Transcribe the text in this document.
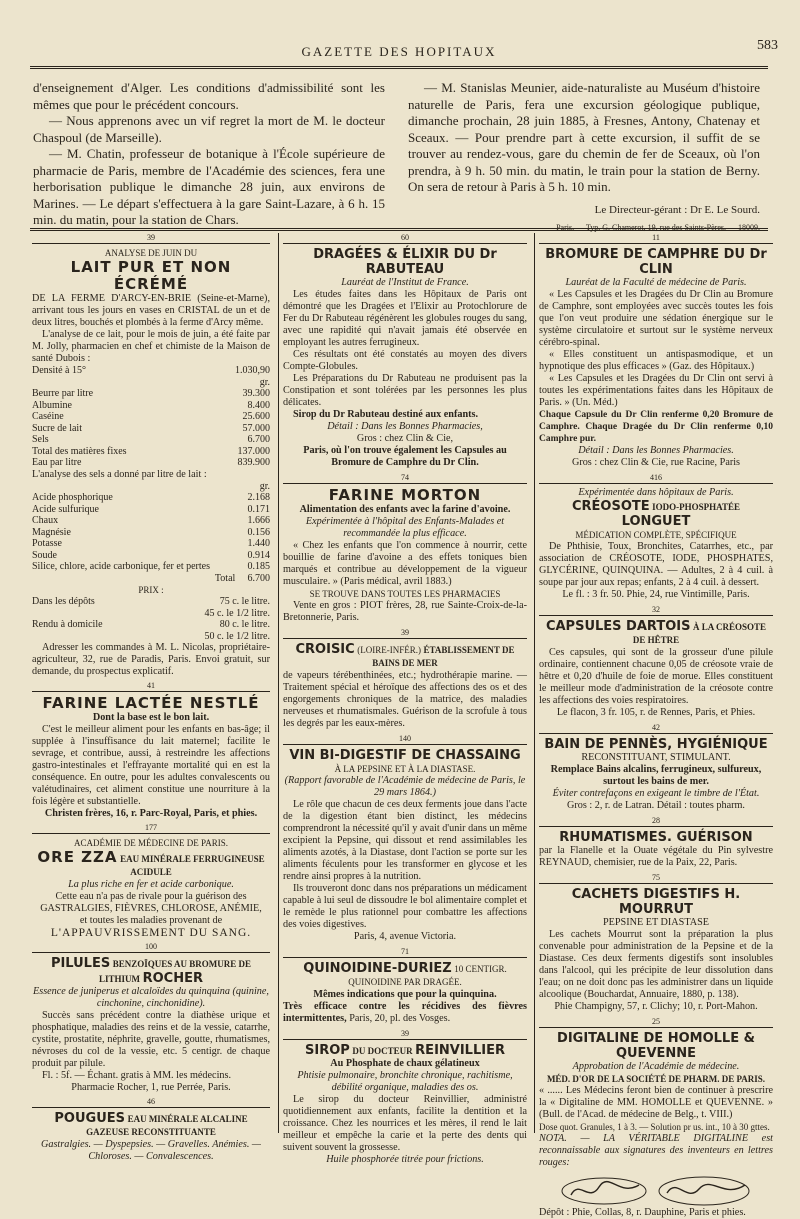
GAZETTE DES HOPITAUX	583

d'enseignement d'Alger. Les conditions d'admissibilité sont les mêmes que pour le précédent concours.

— Nous apprenons avec un vif regret la mort de M. le docteur Chaspoul (de Marseille).

— M. Chatin, professeur de botanique à l'École supérieure de pharmacie de Paris, membre de l'Académie des sciences, fera une herborisation publique le dimanche 28 juin, aux environs de Marines. — Le départ s'effectuera à la gare Saint-Lazare, à 6 h. 15 min. du matin, pour la station de Chars.

— M. Stanislas Meunier, aide-naturaliste au Muséum d'histoire naturelle de Paris, fera une excursion géologique publique, dimanche prochain, 28 juin 1885, à Fresnes, Antony, Chatenay et Sceaux. — Pour prendre part à cette excursion, il suffit de se trouver au rendez-vous, gare du chemin de fer de Sceaux, où l'on prendra, à 9 h. 50 min. du matin, le train pour la station de Berny. On sera de retour à Paris à 5 h. 10 min.

Le Directeur-gérant : Dr E. Le Sourd.
Paris. — Typ. G. Chamerot, 19, rue des Saints-Pères. — 18009.
39
ANALYSE DE JUIN DU
LAIT PUR ET NON ÉCRÉMÉ

DE LA FERME D'ARCY-EN-BRIE (Seine-et-Marne), arrivant tous les jours en vases en CRISTAL de un et de deux litres, bouchés et plombés à la ferme d'Arcy même.

L'analyse de ce lait, pour le mois de juin, a été faite par M. Jolly, pharmacien en chef et chimiste de la Maison de santé Dubois :

Densité à 15°	1.030,90
	gr.
Beurre par litre	39.300
Albumine	8.400
Caséine	25.600
Sucre de lait	57.000
Sels	6.700
Total des matières fixes	137.000
Eau par litre	839.900

L'analyse des sels a donné par litre de lait :

	gr.
Acide phosphorique	2.168
Acide sulfurique	0.171
Chaux	1.666
Magnésie	0.156
Potasse	1.440
Soude	0.914
Silice, chlore, acide carbonique, fer et pertes	0.185
Total	6.700
PRIX :
Dans les dépôts	75 c. le litre.
	45 c. le 1/2 litre.
Rendu à domicile	80 c. le litre.
	50 c. le 1/2 litre.

Adresser les commandes à M. L. Nicolas, propriétaire-agriculteur, 32, rue de Paradis, Paris. Envoi gratuit, sur demande, du prospectus explicatif.

41
FARINE LACTÉE NESTLÉ
Dont la base est le bon lait.

C'est le meilleur aliment pour les enfants en bas-âge; il supplée à l'insuffisance du lait maternel; facilite le sevrage, et contribue, aussi, à restreindre les affections gastro-intestinales et l'effrayante mortalité qui en est la conséquence. En outre, pour les adultes convalescents ou valétudinaires, cet aliment constitue une nourriture à la fois légère et substantielle.

Christen frères, 16, r. Parc-Royal, Paris, et phies.
177
ACADÉMIE DE MÉDECINE DE PARIS.
ORE ZZA EAU MINÉRALE FERRUGINEUSE ACIDULE
La plus riche en fer et acide carbonique.
Cette eau n'a pas de rivale pour la guérison des
GASTRALGIES, FIÈVRES, CHLOROSE, ANÉMIE,
et toutes les maladies provenant de
L'APPAUVRISSEMENT DU SANG.
100
PILULES BENZOÏQUES AU BROMURE DE LITHIUM ROCHER
Essence de juniperus et alcaloïdes du quinquina (quinine, cinchonine, cinchonidine).

Succès sans précédent contre la diathèse urique et phosphatique, maladies des reins et de la vessie, catarrhe, cystite, prostatite, néphrite, gravelle, goutte, rhumatismes, névroses du col de la vessie, etc. 5 centigr. de chaque produit par pilule.

Fl. : 5f. — Échant. gratis à MM. les médecins.

Pharmacie Rocher, 1, rue Perrée, Paris.
46
POUGUES EAU MINÉRALE ALCALINE GAZEUSE RECONSTITUANTE
Gastralgies. — Dyspepsies. — Gravelles. Anémies. — Chloroses. — Convalescences.
60
DRAGÉES & ÉLIXIR DU Dr RABUTEAU
Lauréat de l'Institut de France.

Les études faites dans les Hôpitaux de Paris ont démontré que les Dragées et l'Elixir au Protochlorure de Fer du Dr Rabuteau régénèrent les globules rouges du sang, avec une rapidité qui n'avait jamais été observée en employant les autres ferrugineux.

Ces résultats ont été constatés au moyen des divers Compte-Globules.

Les Préparations du Dr Rabuteau ne produisent pas la Constipation et sont tolérées par les personnes les plus délicates.

Sirop du Dr Rabuteau destiné aux enfants.

Détail : Dans les Bonnes Pharmacies,
Gros : chez Clin & Cie,
Paris, où l'on trouve également les Capsules au Bromure de Camphre du Dr Clin.
74
FARINE MORTON
Alimentation des enfants avec la farine d'avoine.
Expérimentée à l'hôpital des Enfants-Malades et recommandée la plus efficace.

« Chez les enfants que l'on commence à nourrir, cette bouillie de farine d'avoine a des effets toniques bien marqués et contribue au développement de la vigueur musculaire. » (Paris médical, avril 1883.)

SE TROUVE DANS TOUTES LES PHARMACIES

Vente en gros : PIOT frères, 28, rue Sainte-Croix-de-la-Bretonnerie, Paris.

39
CROISIC (LOIRE-INFÉR.) ÉTABLISSEMENT DE BAINS DE MER

de vapeurs térébenthinées, etc.; hydrothérapie marine. — Traitement spécial et héroïque des affections des os et des engorgements chroniques de la matrice, des maladies nerveuses et rhumatismales. Guérison de la scrofule à tous les degrés par les eaux-mères.

140
VIN BI-DIGESTIF DE CHASSAING
À LA PEPSINE ET À LA DIASTASE.
(Rapport favorable de l'Académie de médecine de Paris, le 29 mars 1864.)

Le rôle que chacun de ces deux ferments joue dans l'acte de la digestion étant bien distinct, les médecins comprendront la nécessité qu'il y avait d'unir dans un même excipient la Pepsine, qui dissout et rend assimilables les aliments azotés, à la Diastase, dont l'action se porte sur les aliments féculents pour les transformer en glycose et les rendre ainsi propres à la nutrition.

Ils trouveront donc dans nos préparations un médicament capable à lui seul de dissoudre le bol alimentaire complet et le remède le plus rationnel pour combattre les affections des voies digestives.

Paris, 4, avenue Victoria.
71
QUINOIDINE-DURIEZ 10 CENTIGR. QUINOIDINE PAR DRAGÉE.
Mêmes indications que pour la quinquina.
Très efficace contre les récidives des fièvres intermittentes, Paris, 20, pl. des Vosges.
39
SIROP DU DOCTEUR REINVILLIER
Au Phosphate de chaux gélatineux
Phtisie pulmonaire, bronchite chronique, rachitisme, débilité organique, maladies des os.

Le sirop du docteur Reinvillier, administré quotidiennement aux enfants, facilite la dentition et la croissance. Chez les nourrices et les mères, il rend le lait meilleur et empêche la carie et la perte des dents qui suivent souvent la grossesse.

Huile phosphorée titrée pour frictions.
11
BROMURE DE CAMPHRE DU Dr CLIN
Lauréat de la Faculté de médecine de Paris.

« Les Capsules et les Dragées du Dr Clin au Bromure de Camphre, sont employées avec succès toutes les fois que l'on veut produire une sédation énergique sur le système circulatoire et surtout sur le système nerveux cérébro-spinal.

« Elles constituent un antispasmodique, et un hypnotique des plus efficaces » (Gaz. des Hôpitaux.)

« Les Capsules et les Dragées du Dr Clin ont servi à toutes les expérimentations faites dans les Hôpitaux de Paris. » (Un. Méd.)

Chaque Capsule du Dr Clin renferme 0,20 Bromure de Camphre. Chaque Dragée du Dr Clin renferme 0,10 Camphre pur.

Détail : Dans les Bonnes Pharmacies.
Gros : chez Clin & Cie, rue Racine, Paris
416
Expérimentée dans hôpitaux de Paris.
CRÉOSOTE IODO-PHOSPHATÉE LONGUET
MÉDICATION COMPLÈTE, SPÉCIFIQUE

De Phthisie, Toux, Bronchites, Catarrhes, etc., par association de CRÉOSOTE, IODE, PHOSPHATES, GLYCÉRINE, QUINQUINA. — Adultes, 2 à 4 cuil. à soupe par jour aux repas; enfants, 2 à 4 cuil. à dessert.

Le fl. : 3 fr. 50. Phie, 24, rue Vintimille, Paris.
32
CAPSULES DARTOIS À LA CRÉOSOTE DE HÊTRE

Ces capsules, qui sont de la grosseur d'une pilule ordinaire, contiennent chacune 0,05 de créosote vraie de hêtre et 0,20 d'huile de foie de morue. Elles constituent le meilleur mode d'administration de la créosote contre les affections des voies respiratoires.

Le flacon, 3 fr. 105, r. de Rennes, Paris, et Phies.
42
BAIN DE PENNÈS, HYGIÉNIQUE
RECONSTITUANT, STIMULANT.
Remplace Bains alcalins, ferrugineux, sulfureux, surtout les bains de mer.
Éviter contrefaçons en exigeant le timbre de l'État.
Gros : 2, r. de Latran. Détail : toutes pharm.
28
RHUMATISMES. GUÉRISON

par la Flanelle et la Ouate végétale du Pin sylvestre REYNAUD, chemisier, rue de la Paix, 22, Paris.

75
CACHETS DIGESTIFS H. MOURRUT
PEPSINE ET DIASTASE

Les cachets Mourrut sont la préparation la plus convenable pour administration de la Pepsine et de la Diastase. Ces deux ferments digestifs sont insolubles dans l'alcool, qui les précipite de leur dissolution dans l'eau; on ne doit donc pas les administrer dans un liquide alcoolique (Bouchardat, Annuaire, 1880, p. 138).

Phie Champigny, 57, r. Clichy; 10, r. Port-Mahon.
25
DIGITALINE DE HOMOLLE & QUEVENNE
Approbation de l'Académie de médecine.
MÉD. D'OR DE LA SOCIÉTÉ DE PHARM. DE PARIS.

« ...... Les Médecins feront bien de continuer à prescrire la « Digitaline de MM. HOMOLLE et QUEVENNE. » (Bull. de l'Acad. de médecine de Belg., t. VIII.)

Dose quot. Granules, 1 à 3. — Solution pr us. int., 10 à 30 gttes.

NOTA. — LA VÉRITABLE DIGITALINE est reconnaissable aux signatures des inventeurs en lettres rouges:

Dépôt : Phie, Collas, 8, r. Dauphine, Paris et phies.
